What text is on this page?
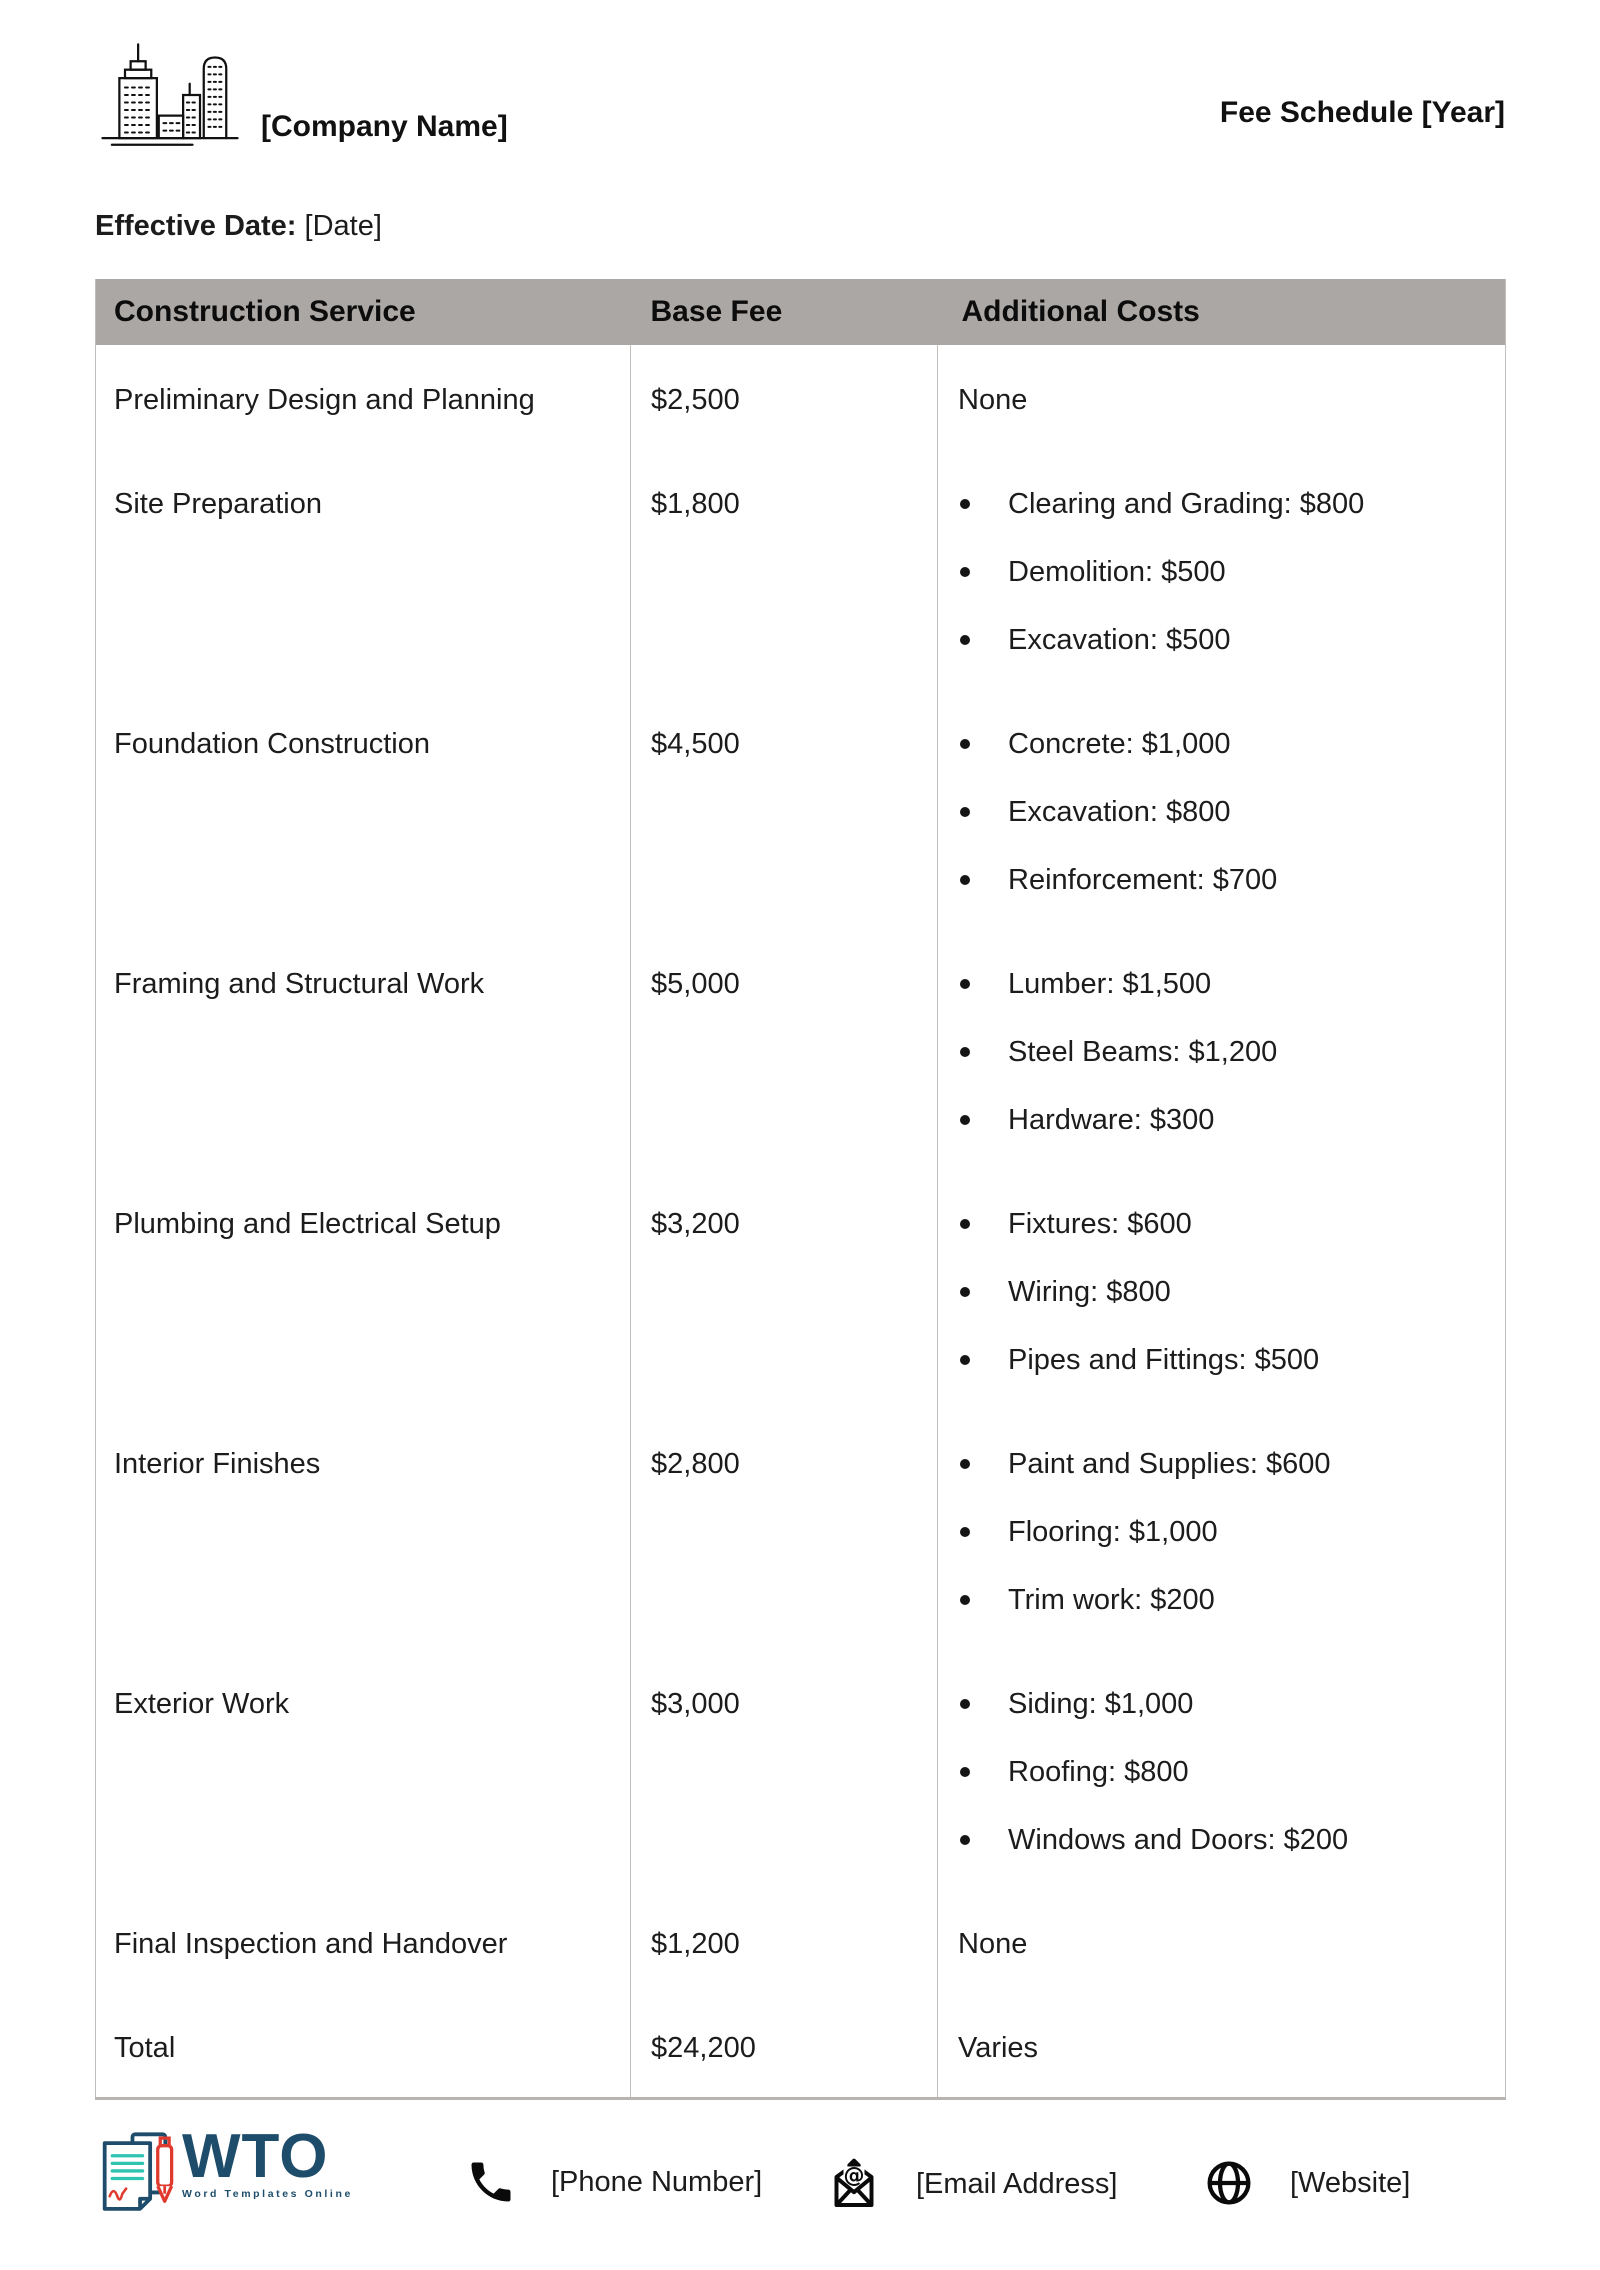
[Company Name]	Fee Schedule [Year]
Effective Date: [Date]
Construction Service	Base Fee	Additional Costs

Preliminary Design and Planning	$2,500	None

Site Preparation	$1,800	Clearing and Grading: $800
Demolition: $500
Excavation: $500

Foundation Construction	$4,500	Concrete: $1,000
Excavation: $800
Reinforcement: $700

Framing and Structural Work	$5,000	Lumber: $1,500
Steel Beams: $1,200
Hardware: $300

Plumbing and Electrical Setup	$3,200	Fixtures: $600
Wiring: $800
Pipes and Fittings: $500

Interior Finishes	$2,800	Paint and Supplies: $600
Flooring: $1,000
Trim work: $200

Exterior Work	$3,000	Siding: $1,000
Roofing: $800
Windows and Doors: $200

Final Inspection and Handover	$1,200	None

Total	$24,200	Varies
WTO
Word Templates Online	[Phone Number]	@ [Email Address]	[Website]
